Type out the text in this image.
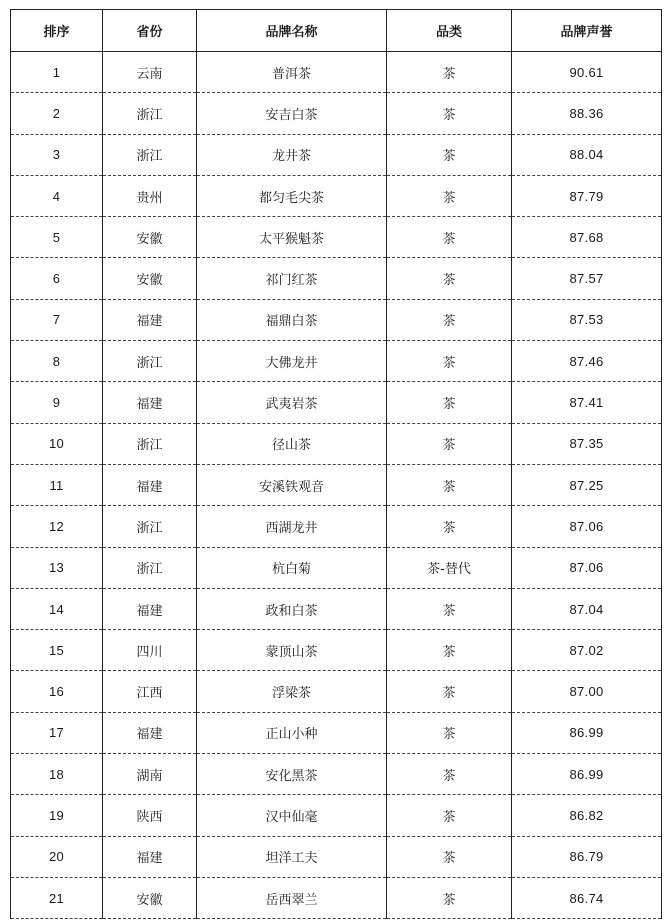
排序	省份	品牌名称	品类	品牌声誉
1	云南	普洱茶	茶	90.61
2	浙江	安吉白茶	茶	88.36
3	浙江	龙井茶	茶	88.04
4	贵州	都匀毛尖茶	茶	87.79
5	安徽	太平猴魁茶	茶	87.68
6	安徽	祁门红茶	茶	87.57
7	福建	福鼎白茶	茶	87.53
8	浙江	大佛龙井	茶	87.46
9	福建	武夷岩茶	茶	87.41
10	浙江	径山茶	茶	87.35
11	福建	安溪铁观音	茶	87.25
12	浙江	西湖龙井	茶	87.06
13	浙江	杭白菊	茶-替代	87.06
14	福建	政和白茶	茶	87.04
15	四川	蒙顶山茶	茶	87.02
16	江西	浮梁茶	茶	87.00
17	福建	正山小种	茶	86.99
18	湖南	安化黑茶	茶	86.99
19	陕西	汉中仙毫	茶	86.82
20	福建	坦洋工夫	茶	86.79
21	安徽	岳西翠兰	茶	86.74
